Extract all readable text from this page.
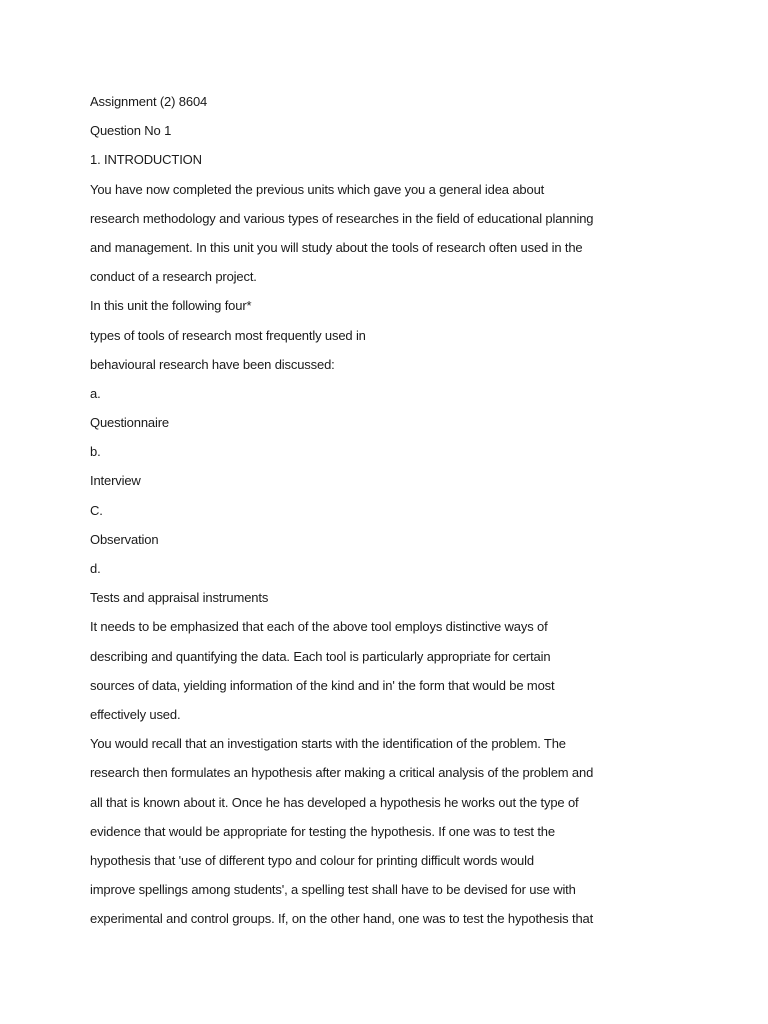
Assignment (2) 8604
Question No 1
1. INTRODUCTION
You have now completed the previous units which gave you a general idea about
research methodology and various types of researches in the field of educational planning
and management. In this unit you will study about the tools of research often used in the
conduct of a research project.
In this unit the following four*
types of tools of research most frequently used in
behavioural research have been discussed:
a.
Questionnaire
b.
Interview
C.
Observation
d.
Tests and appraisal instruments
It needs to be emphasized that each of the above tool employs distinctive ways of
describing and quantifying the data. Each tool is particularly appropriate for certain
sources of data, yielding information of the kind and in' the form that would be most
effectively used.
You would recall that an investigation starts with the identification of the problem. The
research then formulates an hypothesis after making a critical analysis of the problem and
all that is known about it. Once he has developed a hypothesis he works out the type of
evidence that would be appropriate for testing the hypothesis. If one was to test the
hypothesis that 'use of different typo and colour for printing difficult words would
improve spellings among students', a spelling test shall have to be devised for use with
experimental and control groups. If, on the other hand, one was to test the hypothesis that
